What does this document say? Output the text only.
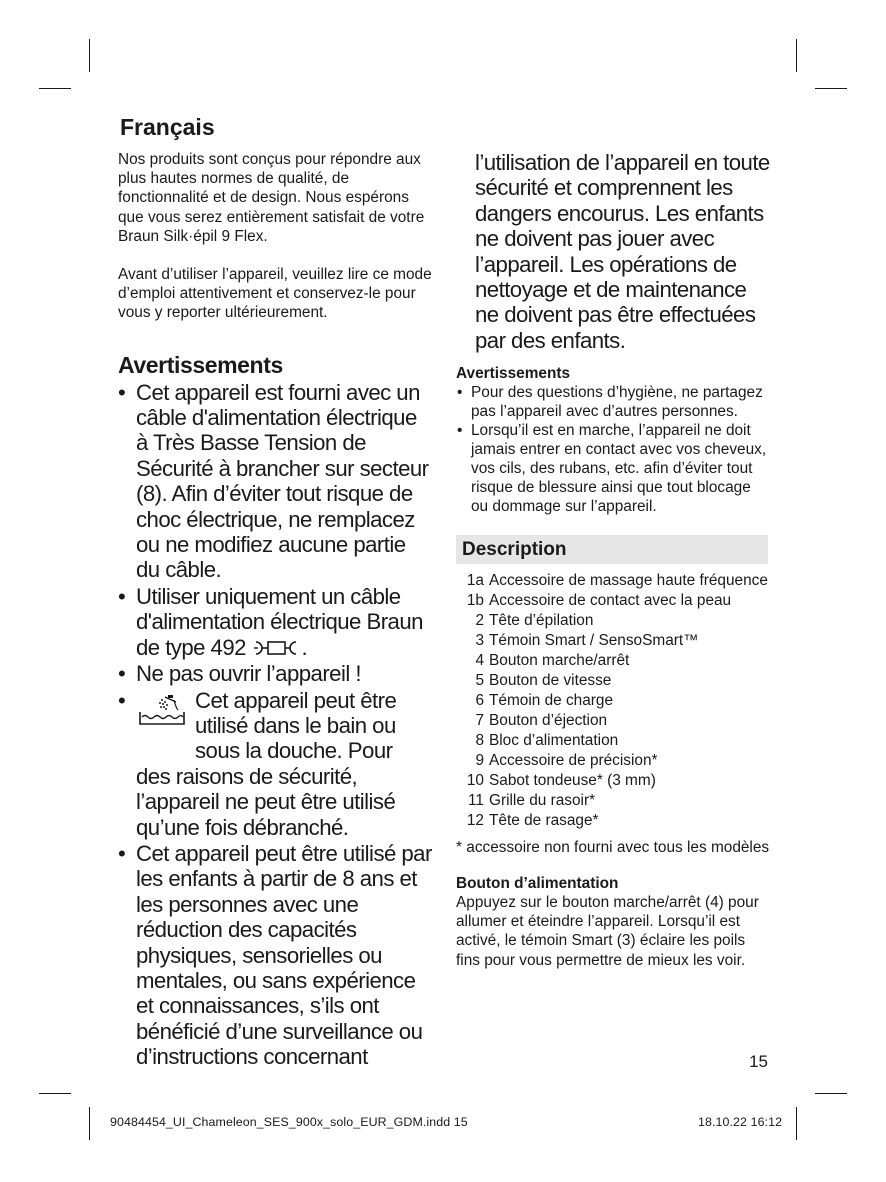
Français

Nos produits sont conçus pour répondre aux plus hautes normes de qualité, de fonctionnalité et de design. Nous espérons que vous serez entièrement satisfait de votre Braun Silk·épil 9 Flex.

Avant d’utiliser l’appareil, veuillez lire ce mode d’emploi attentivement et conservez-le pour vous y reporter ultérieurement.

Avertissements
• Cet appareil est fourni avec un câble d'alimentation électrique à Très Basse Tension de Sécurité à brancher sur secteur (8). Afin d’éviter tout risque de choc électrique, ne remplacez ou ne modifiez aucune partie du câble.
• Utiliser uniquement un câble d'alimentation électrique Braun de type 492	.
• Ne pas ouvrir l’appareil !
•	Cet appareil peut être
utilisé dans le bain ou
sous la douche. Pour
des raisons de sécurité, l’appareil ne peut être utilisé qu’une fois débranché.
• Cet appareil peut être utilisé par les enfants à partir de 8 ans et les personnes avec une réduction des capacités physiques, sensorielles ou mentales, ou sans expérience et connaissances, s’ils ont bénéficié d’une surveillance ou d’instructions concernant

l’utilisation de l’appareil en toute sécurité et comprennent les dangers encourus. Les enfants ne doivent pas jouer avec l’appareil. Les opérations de nettoyage et de maintenance ne doivent pas être effectuées par des enfants.

Avertissements
• Pour des questions d’hygiène, ne partagez pas l’appareil avec d’autres personnes.
• Lorsqu’il est en marche, l’appareil ne doit jamais entrer en contact avec vos cheveux, vos cils, des rubans, etc. afin d’éviter tout risque de blessure ainsi que tout blocage ou dommage sur l’appareil.
Description
1a	Accessoire de massage haute fréquence
1b	Accessoire de contact avec la peau
2	Tête d’épilation
3	Témoin Smart / SensoSmart™
4	Bouton marche/arrêt
5	Bouton de vitesse
6	Témoin de charge
7	Bouton d’éjection
8	Bloc d’alimentation
9	Accessoire de précision*
10	Sabot tondeuse* (3 mm)
11	Grille du rasoir*
12	Tête de rasage*

* accessoire non fourni avec tous les modèles

Bouton d’alimentation

Appuyez sur le bouton marche/arrêt (4) pour allumer et éteindre l’appareil. Lorsqu’il est activé, le témoin Smart (3) éclaire les poils fins pour vous permettre de mieux les voir.

15
90484454_UI_Chameleon_SES_900x_solo_EUR_GDM.indd 15	18.10.22 16:12
